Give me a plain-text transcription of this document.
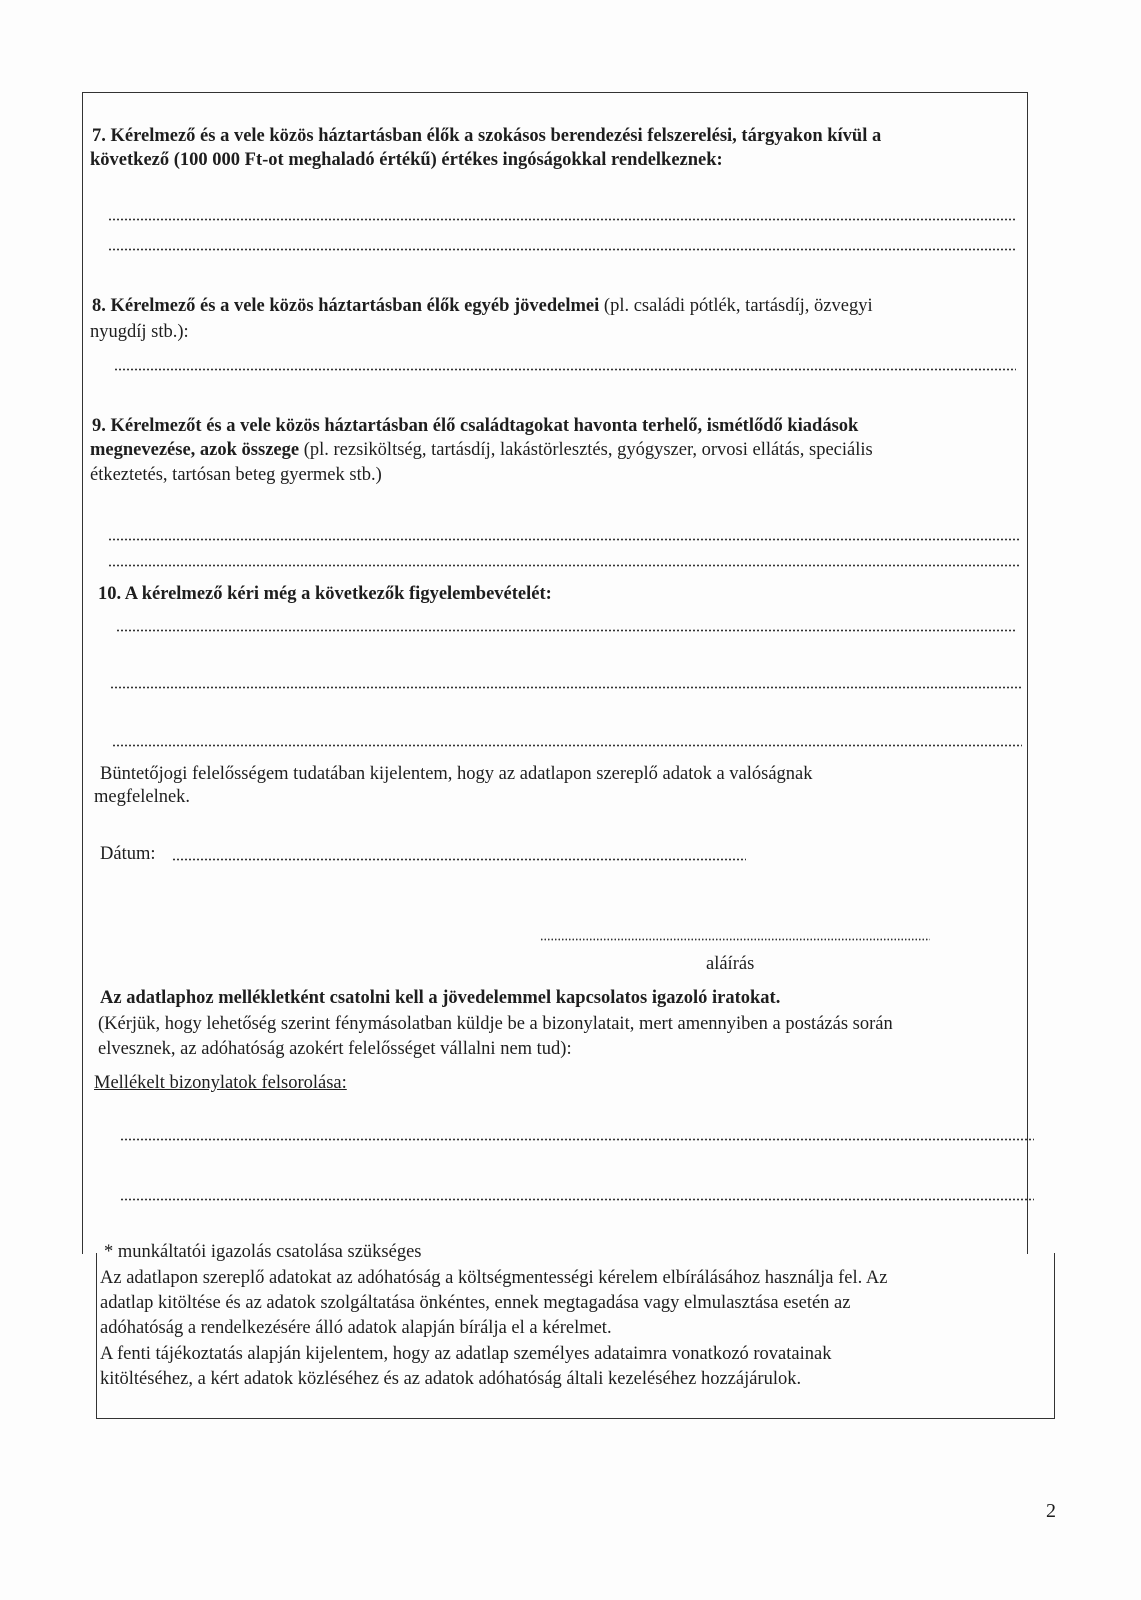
7. Kérelmező és a vele közös háztartásban élők a szokásos berendezési felszerelési, tárgyakon kívül a
következő (100 000 Ft-ot meghaladó értékű) értékes ingóságokkal rendelkeznek:
8. Kérelmező és a vele közös háztartásban élők egyéb jövedelmei (pl. családi pótlék, tartásdíj, özvegyi
nyugdíj stb.):
9. Kérelmezőt és a vele közös háztartásban élő családtagokat havonta terhelő, ismétlődő kiadások
megnevezése, azok összege (pl. rezsiköltség, tartásdíj, lakástörlesztés, gyógyszer, orvosi ellátás, speciális
étkeztetés, tartósan beteg gyermek stb.)
10. A kérelmező kéri még a következők figyelembevételét:
Büntetőjogi felelősségem tudatában kijelentem, hogy az adatlapon szereplő adatok a valóságnak
megfelelnek.
Dátum:
aláírás
Az adatlaphoz mellékletként csatolni kell a jövedelemmel kapcsolatos igazoló iratokat.
(Kérjük, hogy lehetőség szerint fénymásolatban küldje be a bizonylatait, mert amennyiben a postázás során
elvesznek, az adóhatóság azokért felelősséget vállalni nem tud):
Mellékelt bizonylatok felsorolása:
* munkáltatói igazolás csatolása szükséges
Az adatlapon szereplő adatokat az adóhatóság a költségmentességi kérelem elbírálásához használja fel. Az
adatlap kitöltése és az adatok szolgáltatása önkéntes, ennek megtagadása vagy elmulasztása esetén az
adóhatóság a rendelkezésére álló adatok alapján bírálja el a kérelmet.
A fenti tájékoztatás alapján kijelentem, hogy az adatlap személyes adataimra vonatkozó rovatainak
kitöltéséhez, a kért adatok közléséhez és az adatok adóhatóság általi kezeléséhez hozzájárulok.
2
